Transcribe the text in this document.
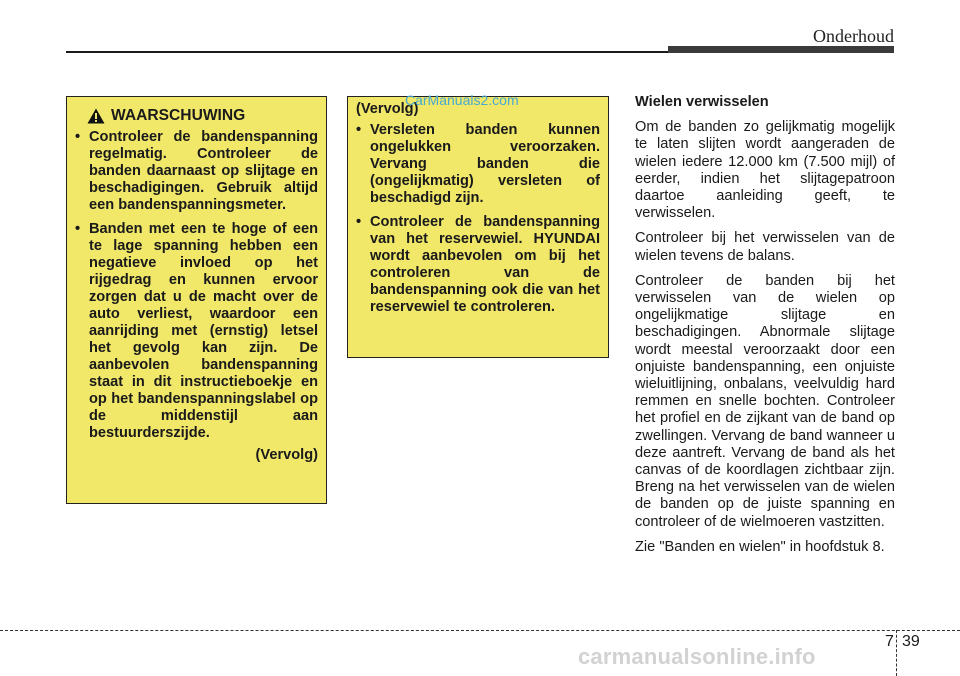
Onderhoud
WAARSCHUWING
• Controleer de bandenspanning regelmatig. Controleer de banden daarnaast op slijtage en beschadigingen. Gebruik altijd een bandenspanningsmeter.
• Banden met een te hoge of een te lage spanning hebben een negatieve invloed op het rijgedrag en kunnen ervoor zorgen dat u de macht over de auto verliest, waardoor een aanrijding met (ernstig) letsel het gevolg kan zijn. De aanbevolen bandenspanning staat in dit instructieboekje en op het bandenspanningslabel op de middenstijl aan bestuurderszijde.
(Vervolg)
(Vervolg)
• Versleten banden kunnen ongelukken veroorzaken. Vervang banden die (ongelijkmatig) versleten of beschadigd zijn.
• Controleer de bandenspanning van het reservewiel. HYUNDAI wordt aanbevolen om bij het controleren van de bandenspanning ook die van het reservewiel te controleren.
CarManuals2.com	Wielen verwisselen

Om de banden zo gelijkmatig mogelijk te laten slijten wordt aangeraden de wielen iedere 12.000 km (7.500 mijl) of eerder, indien het slijtagepatroon daartoe aanleiding geeft, te verwisselen.

Controleer bij het verwisselen van de wielen tevens de balans.

Controleer de banden bij het verwisselen van de wielen op ongelijkmatige slijtage en beschadigingen. Abnormale slijtage wordt meestal veroorzaakt door een onjuiste bandenspanning, een onjuiste wieluitlijning, onbalans, veelvuldig hard remmen en snelle bochten. Controleer het profiel en de zijkant van de band op zwellingen. Vervang de band wanneer u deze aantreft. Vervang de band als het canvas of de koordlagen zichtbaar zijn. Breng na het verwisselen van de wielen de banden op de juiste spanning en controleer of de wielmoeren vastzitten.

Zie "Banden en wielen" in hoofdstuk 8.

7 39
carmanualsonline.info
